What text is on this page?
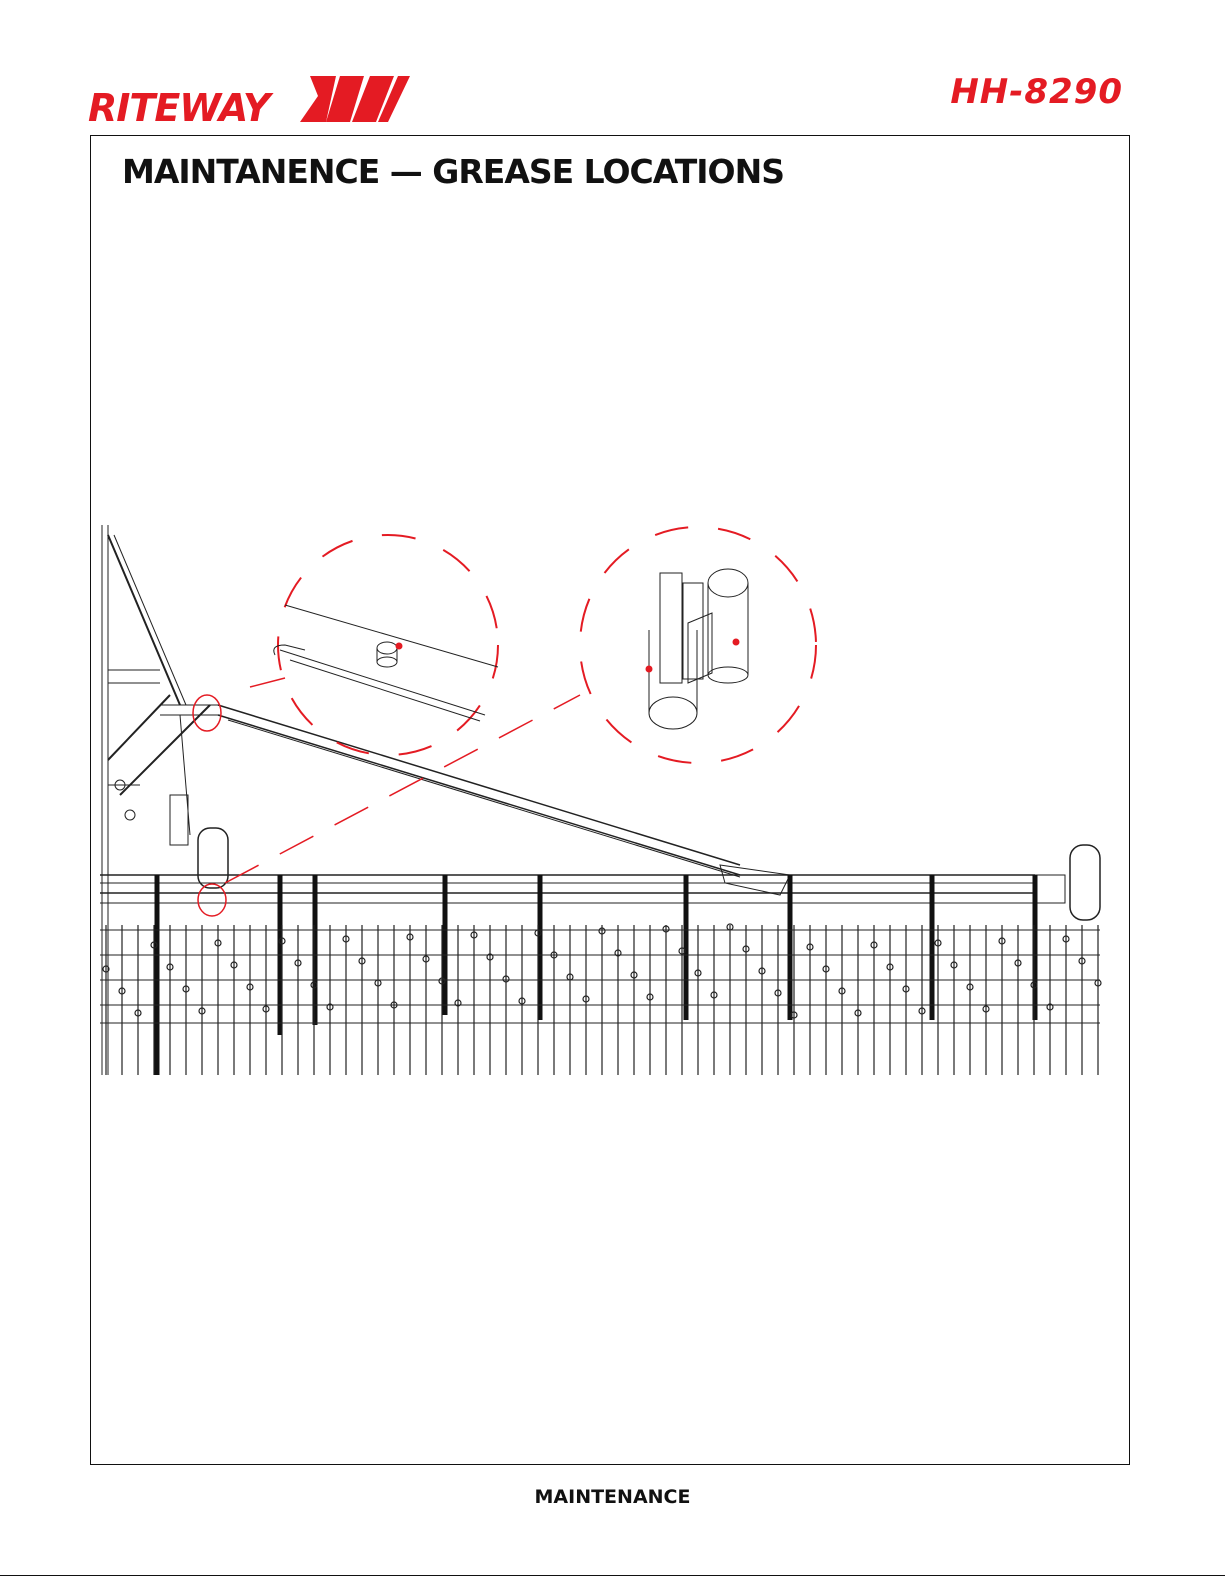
RITEWAY	HH-8290
MAINTANENCE — GREASE LOCATIONS
MAINTENANCE
